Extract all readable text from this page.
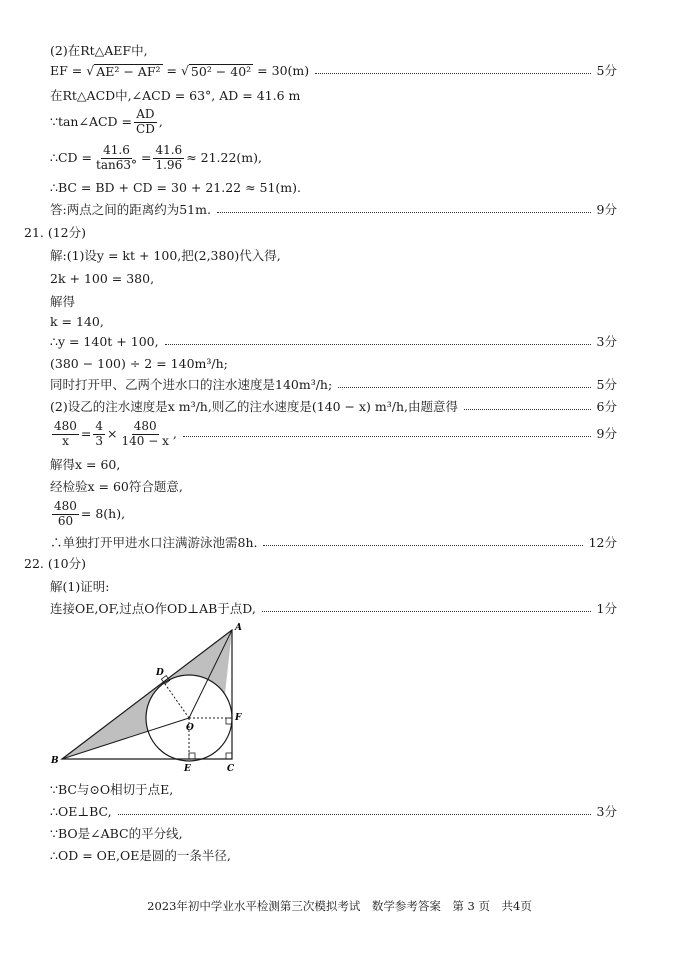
(2)在Rt△AEF中,
EF =
√ AE² − AF²
=
√ 50² − 40²
= 30(m)	5分
在Rt△ACD中,∠ACD = 63°, AD = 41.6 m
∵tan∠ACD = $\frac{AD}{CD}$ ,
∴CD = $\frac{41.6}{\tan 63^\circ} = \frac{41.6}{1.96} \approx 21.22(m)$,
∴BC = BD + CD = 30 + 21.22 ≈ 51(m).
答:两点之间的距离约为51m.	9分
21. (12分)
解:(1)设y = kt + 100,把(2,380)代入得,
2k + 100 = 380,
解得
k = 140,
∴y = 140t + 100,	3分
(380 − 100) ÷ 2 = 140m³/h;
同时打开甲、乙两个进水口的注水速度是140m³/h;	5分
(2)设乙的注水速度是x m³/h,则乙的注水速度是(140 − x) m³/h,由题意得	6分
$\frac{480}{x} = \frac{4}{3} \times \frac{480}{140 - x}$ ,	9分
解得x = 60,
经检验x = 60符合题意,
$\frac{480}{60} = 8(h)$,
∴单独打开甲进水口注满游泳池需8h.	12分
22. (10分)
解(1)证明:
连接OE,OF,过点O作OD⊥AB于点D,	1分
A
B
C
D
E
F
O
∵BC与⊙O相切于点E,
∴OE⊥BC,	3分
∵BO是∠ABC的平分线,
∴OD = OE,OE是圆的一条半径,
2023年初中学业水平检测第三次模拟考试　数学参考答案　第 3 页　共4页
